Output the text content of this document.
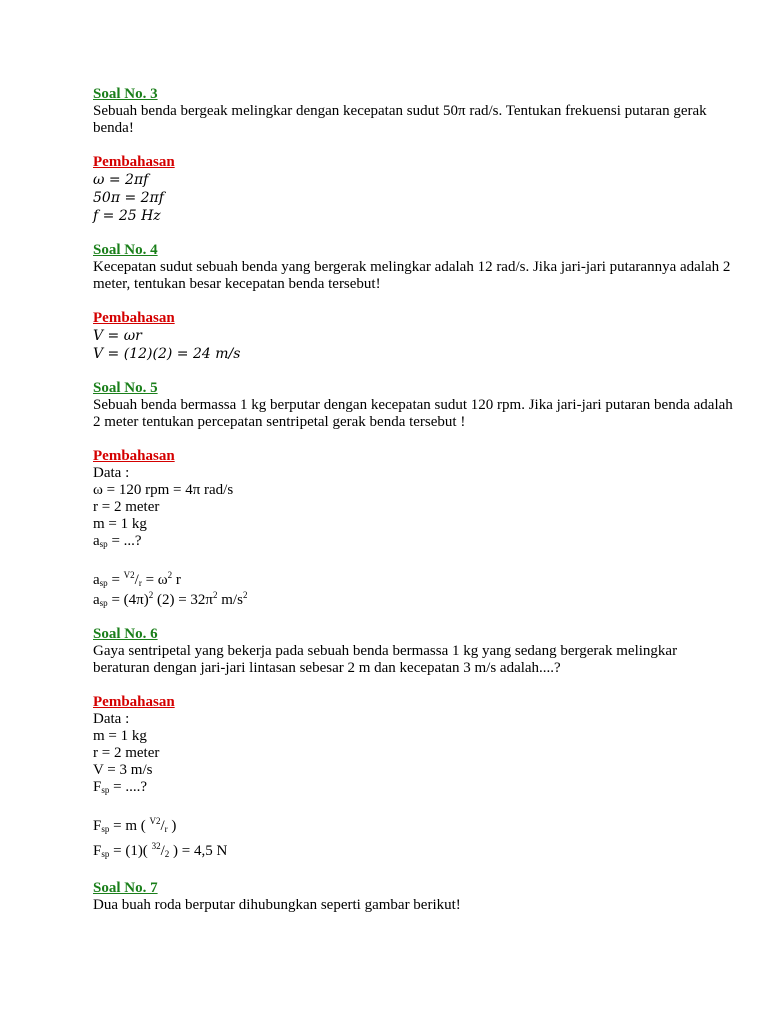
Soal No. 3
Sebuah benda bergeak melingkar dengan kecepatan sudut 50π rad/s. Tentukan frekuensi putaran gerak benda!
Pembahasan
ω = 2πf
50π = 2πf
f = 25 Hz
Soal No. 4
Kecepatan sudut sebuah benda yang bergerak melingkar adalah 12 rad/s. Jika jari-jari putarannya adalah 2 meter, tentukan besar kecepatan benda tersebut!
Pembahasan
V = ωr
V = (12)(2) = 24 m/s
Soal No. 5
Sebuah benda bermassa 1 kg berputar dengan kecepatan sudut 120 rpm. Jika jari-jari putaran benda adalah 2 meter tentukan percepatan sentripetal gerak benda tersebut !
Pembahasan
Data :
ω = 120 rpm = 4π rad/s
r = 2 meter
m = 1 kg
$a_{sp}$ = ...?
$a_{sp} = ^{V2}/r = \omega^2$ r
$a_{sp} = (4\pi)^2$ $(2) = 32\pi^2$ $m/s^2$
Soal No. 6
Gaya sentripetal yang bekerja pada sebuah benda bermassa 1 kg yang sedang bergerak melingkar beraturan dengan jari-jari lintasan sebesar 2 m dan kecepatan 3 m/s adalah....?
Pembahasan
Data :
m = 1 kg
r = 2 meter
V = 3 m/s
$F_{sp}$ = ....?
$F_{sp} = m$ ( $^{V2}$/r )
$F_{sp} = (1)$( $^{32}$/2 ) = 4,5 N
Soal No. 7
Dua buah roda berputar dihubungkan seperti gambar berikut!
